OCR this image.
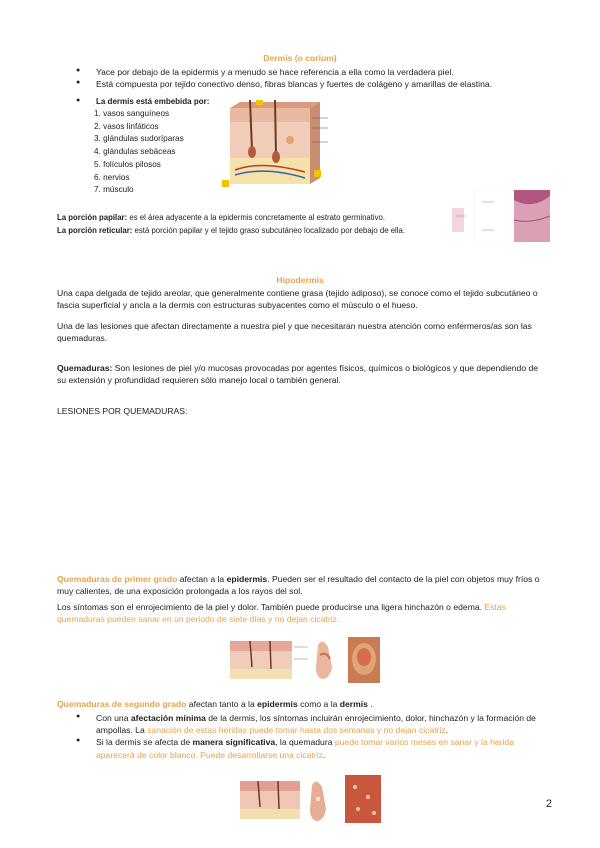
Dermis (o corium)
● Yace por debajo de la epidermis y a menudo se hace referencia a ella como la verdadera piel.
● Está compuesta por tejido conectivo denso, fibras blancas y fuertes de colágeno y amarillas de elastina.
● La dermis está embebida por:
1. vasos sanguíneos
2. vasos linfáticos
3. glándulas sudoríparas
4. glándulas sebáceas
5. folículos pilosos
6. nervios
7. músculo
La porción papilar: es el área adyacente a la epidermis concretamente al estrato germinativo.
La porción reticular: está porción papilar y el tejido graso subcutáneo localizado por debajo de ella.
Hipodermis
Una capa delgada de tejido areolar, que generalmente contiene grasa (tejido adiposo), se conoce como el tejido subcutáneo o fascia superficial y ancla a la dermis con estructuras subyacentes como el músculo o el hueso.
Una de las lesiones que afectan directamente a nuestra piel y que necesitaran nuestra atención como enfermeros/as son las quemaduras.
Quemaduras: Son lesiones de piel y/o mucosas provocadas por agentes físicos, químicos o biológicos y que dependiendo de su extensión y profundidad requieren sólo manejo local o también general.
LESIONES POR QUEMADURAS:
Quemaduras de primer grado afectan a la epidermis. Pueden ser el resultado del contacto de la piel con objetos muy fríos o muy calientes, de una exposición prolongada a los rayos del sol.
Los síntomas son el enrojecimiento de la piel y dolor. También puede producirse una ligera hinchazón o edema. Estas quemaduras pueden sanar en un periodo de siete días y no dejan cicatriz.
Quemaduras de segundo grado afectan tanto a la epidermis como a la dermis .
● Con una afectación mínima de la dermis, los síntomas incluirán enrojecimiento, dolor, hinchazón y la formación de ampollas. La sanación de estas heridas puede tomar hasta dos semanas y no dejan cicatriz.
● Si la dermis se afecta de manera significativa, la quemadura puede tomar varios meses en sanar y la herida aparecerá de color blanco. Puede desarrollarse una cicatriz.
2
